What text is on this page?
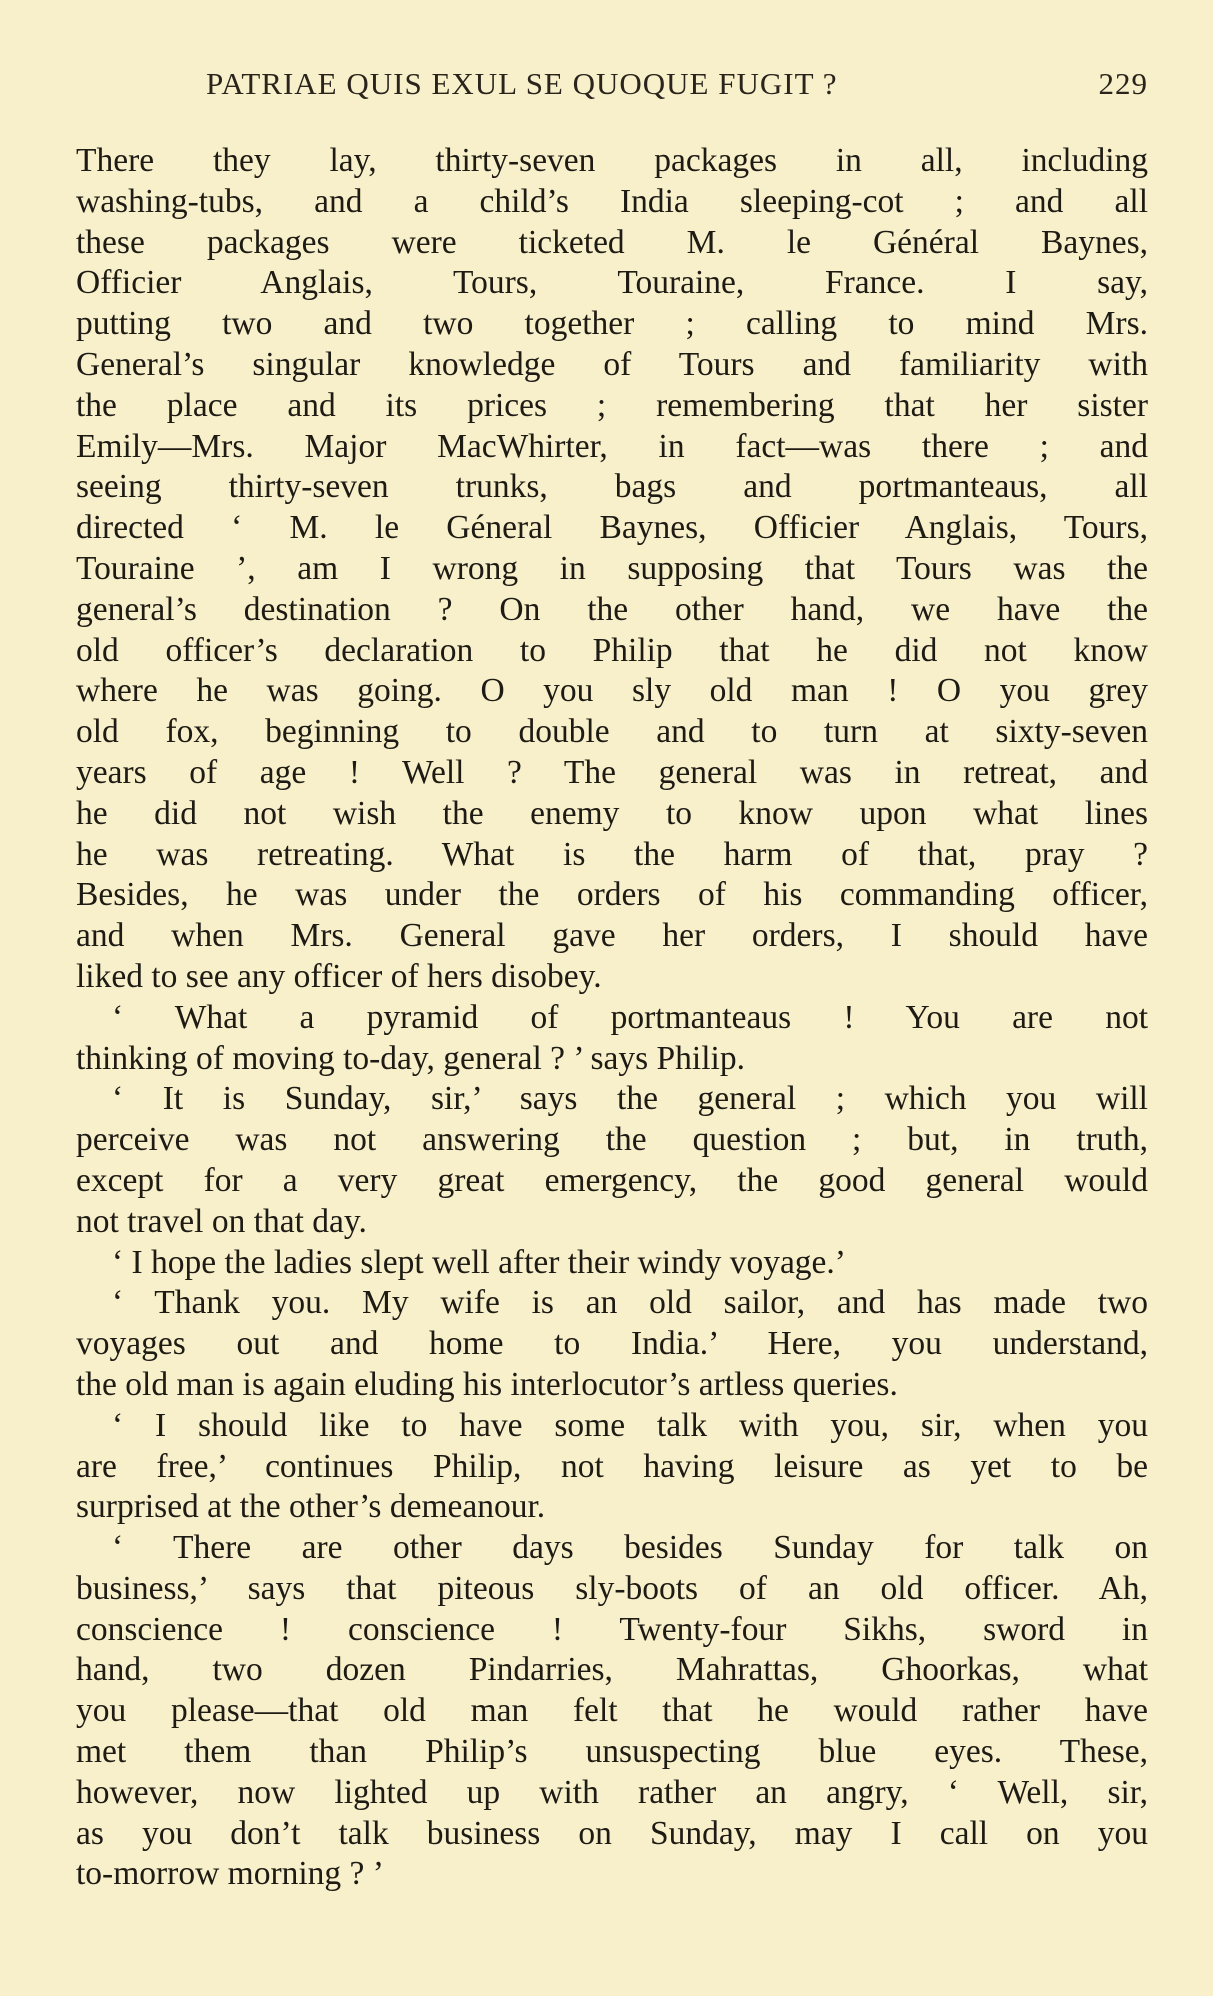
PATRIAE QUIS EXUL SE QUOQUE FUGIT ?	229

There they lay, thirty-seven packages in all, including

washing-tubs, and a child’s India sleeping-cot ; and all

these packages were ticketed M. le Général Baynes,

Officier Anglais, Tours, Touraine, France. I say,

putting two and two together ; calling to mind Mrs.

General’s singular knowledge of Tours and familiarity with

the place and its prices ; remembering that her sister

Emily—Mrs. Major MacWhirter, in fact—was there ; and

seeing thirty-seven trunks, bags and portmanteaus, all

directed ‘ M. le Géneral Baynes, Officier Anglais, Tours,

Touraine ’, am I wrong in supposing that Tours was the

general’s destination ? On the other hand, we have the

old officer’s declaration to Philip that he did not know

where he was going. O you sly old man ! O you grey

old fox, beginning to double and to turn at sixty-seven

years of age ! Well ? The general was in retreat, and

he did not wish the enemy to know upon what lines

he was retreating. What is the harm of that, pray ?

Besides, he was under the orders of his commanding officer,

and when Mrs. General gave her orders, I should have

liked to see any officer of hers disobey.

‘ What a pyramid of portmanteaus ! You are not

thinking of moving to-day, general ? ’ says Philip.

‘ It is Sunday, sir,’ says the general ; which you will

perceive was not answering the question ; but, in truth,

except for a very great emergency, the good general would

not travel on that day.

‘ I hope the ladies slept well after their windy voyage.’

‘ Thank you. My wife is an old sailor, and has made two

voyages out and home to India.’ Here, you understand,

the old man is again eluding his interlocutor’s artless queries.

‘ I should like to have some talk with you, sir, when you

are free,’ continues Philip, not having leisure as yet to be

surprised at the other’s demeanour.

‘ There are other days besides Sunday for talk on

business,’ says that piteous sly-boots of an old officer. Ah,

conscience ! conscience ! Twenty-four Sikhs, sword in

hand, two dozen Pindarries, Mahrattas, Ghoorkas, what

you please—that old man felt that he would rather have

met them than Philip’s unsuspecting blue eyes. These,

however, now lighted up with rather an angry, ‘ Well, sir,

as you don’t talk business on Sunday, may I call on you

to-morrow morning ? ’
